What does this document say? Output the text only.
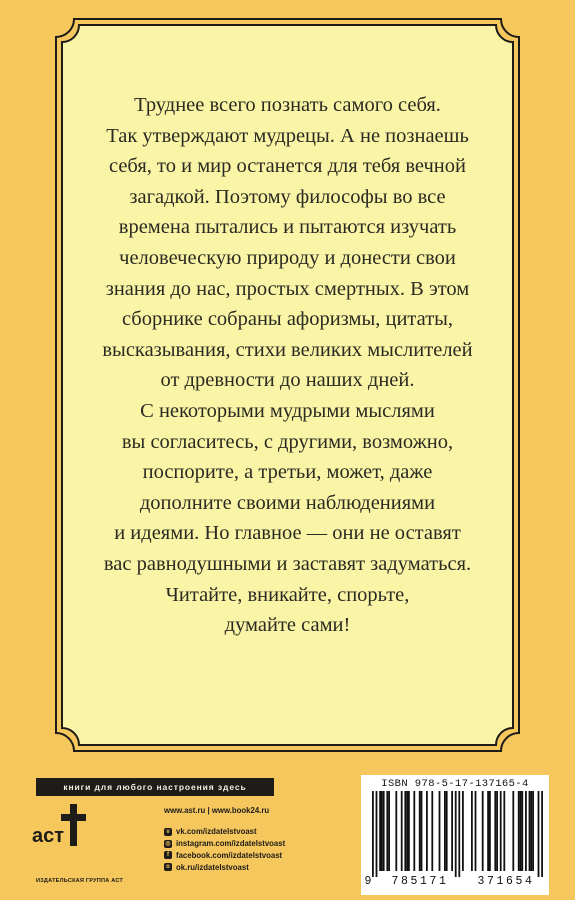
Труднее всего познать самого себя.
Так утверждают мудрецы. А не познаешь
себя, то и мир останется для тебя вечной
загадкой. Поэтому философы во все
времена пытались и пытаются изучать
человеческую природу и донести свои
знания до нас, простых смертных. В этом
сборнике собраны афоризмы, цитаты,
высказывания, стихи великих мыслителей
от древности до наших дней.
С некоторыми мудрыми мыслями
вы согласитесь, с другими, возможно,
поспорите, а третьи, может, даже
дополните своими наблюдениями
и идеями. Но главное — они не оставят
вас равнодушными и заставят задуматься.
Читайте, вникайте, спорьте,
думайте сами!
книги для любого настроения здесь
аст
www.ast.ru | www.book24.ru
v vk.com/izdatelstvoast
◎ instagram.com/izdatelstvoast
f facebook.com/izdatelstvoast
o ok.ru/izdatelstvoast
ИЗДАТЕЛЬСКАЯ ГРУППА АСТ
ISBN 978-5-17-137165-4
9	785171	371654
